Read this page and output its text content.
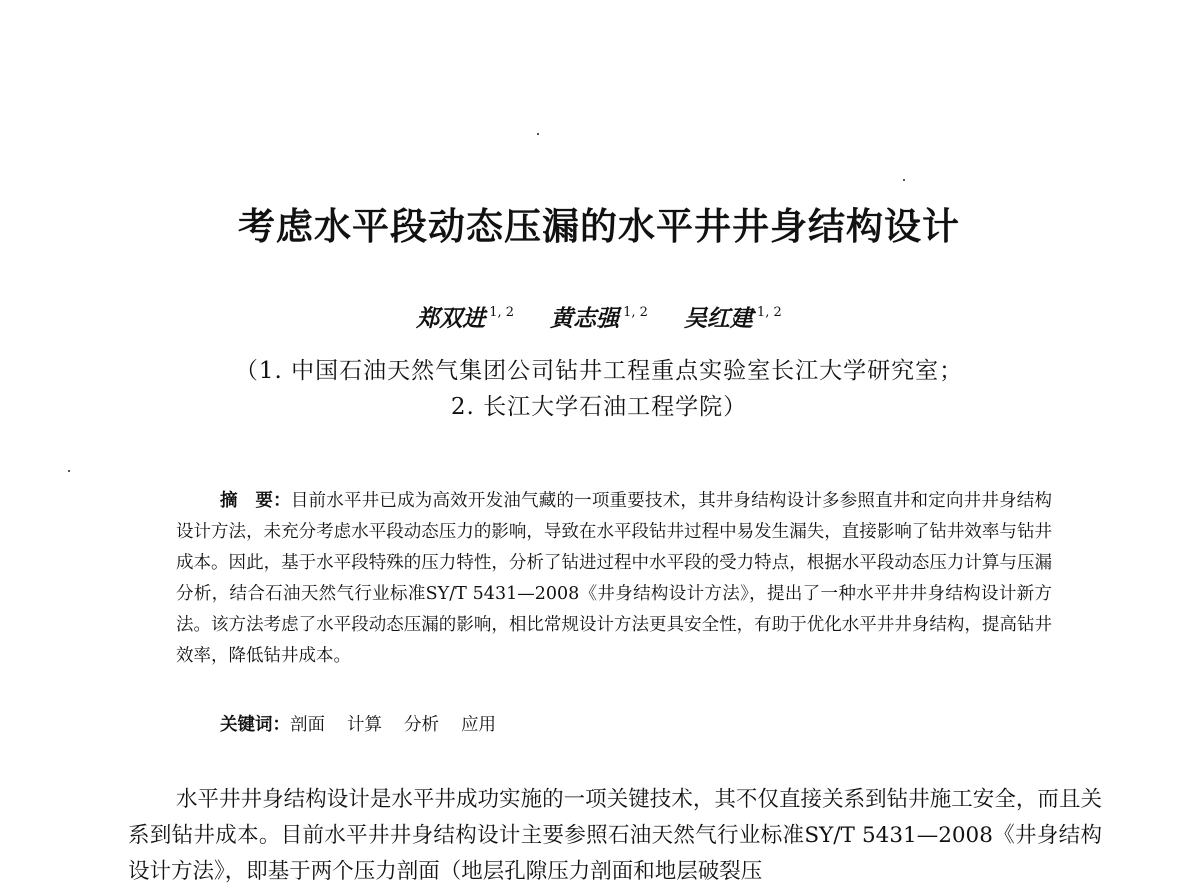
考虑水平段动态压漏的水平井井身结构设计
郑双进 $^{1, 2}$ 黄志强 $^{1, 2}$ 吴红建 $^{1, 2}$
（1. 中国石油天然气集团公司钻井工程重点实验室长江大学研究室；
2. 长江大学石油工程学院）
摘　要：目前水平井已成为高效开发油气藏的一项重要技术，其井身结构设计多参照直井和定向井井身结构设计方法，未充分考虑水平段动态压力的影响，导致在水平段钻井过程中易发生漏失，直接影响了钻井效率与钻井成本。因此，基于水平段特殊的压力特性，分析了钻进过程中水平段的受力特点，根据水平段动态压力计算与压漏分析，结合石油天然气行业标准SY/T 5431—2008《井身结构设计方法》，提出了一种水平井井身结构设计新方法。该方法考虑了水平段动态压漏的影响，相比常规设计方法更具安全性，有助于优化水平井井身结构，提高钻井效率，降低钻井成本。
关键词：剖面 计算 分析 应用
水平井井身结构设计是水平井成功实施的一项关键技术，其不仅直接关系到钻井施工安全，而且关系到钻井成本。目前水平井井身结构设计主要参照石油天然气行业标准SY/T 5431—2008《井身结构设计方法》，即基于两个压力剖面（地层孔隙压力剖面和地层破裂压
